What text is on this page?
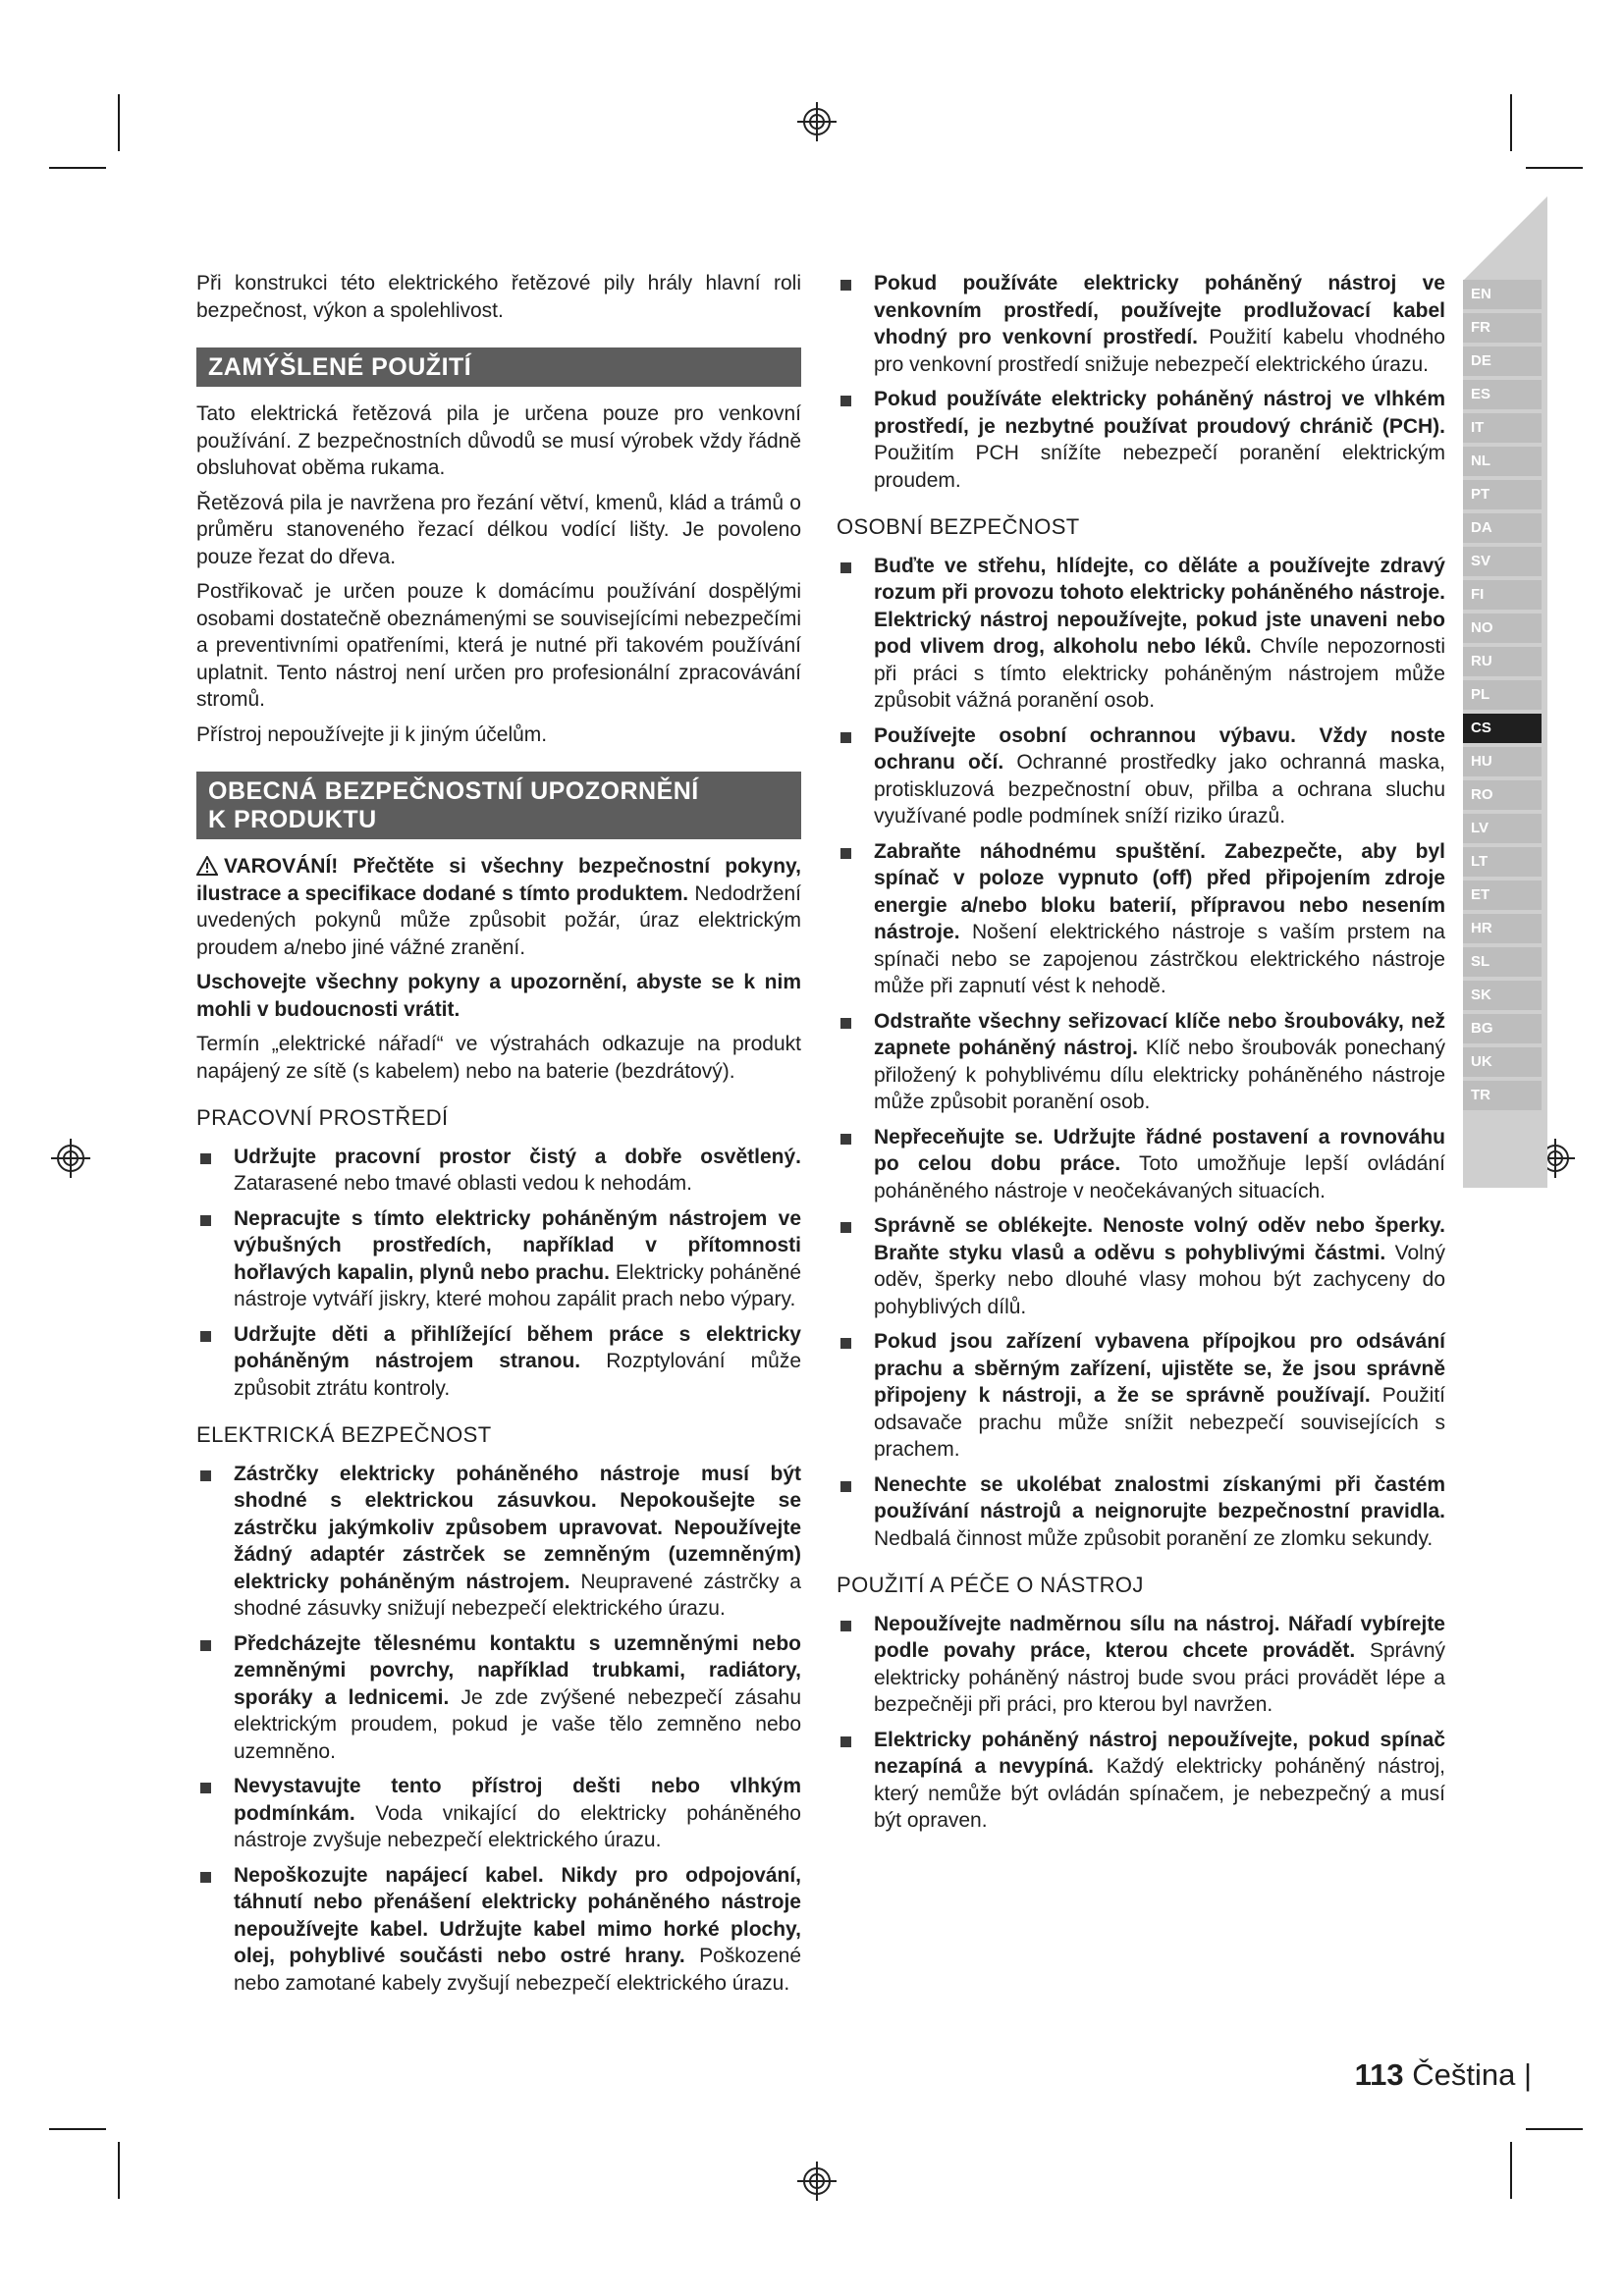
EN
FR
DE
ES
IT
NL
PT
DA
SV
FI
NO
RU
PL
CS
HU
RO
LV
LT
ET
HR
SL
SK
BG
UK
TR

Při konstrukci této elektrického řetězové pily hrály hlavní roli bezpečnost, výkon a spolehlivost.

ZAMÝŠLENÉ POUŽITÍ

Tato elektrická řetězová pila je určena pouze pro venkovní používání. Z bezpečnostních důvodů se musí výrobek vždy řádně obsluhovat oběma rukama.

Řetězová pila je navržena pro řezání větví, kmenů, klád a trámů o průměru stanoveného řezací délkou vodící lišty. Je povoleno pouze řezat do dřeva.

Postřikovač je určen pouze k domácímu používání dospělými osobami dostatečně obeznámenými se souvisejícími nebezpečími a preventivními opatřeními, která je nutné při takovém používání uplatnit. Tento nástroj není určen pro profesionální zpracovávání stromů.

Přístroj nepoužívejte ji k jiným účelům.

OBECNÁ BEZPEČNOSTNÍ UPOZORNĚNÍ
K PRODUKTU

VAROVÁNÍ! Přečtěte si všechny bezpečnostní pokyny, ilustrace a specifikace dodané s tímto produktem. Nedodržení uvedených pokynů může způsobit požár, úraz elektrickým proudem a/nebo jiné vážné zranění.

Uschovejte všechny pokyny a upozornění, abyste se k nim mohli v budoucnosti vrátit.

Termín „elektrické nářadí“ ve výstrahách odkazuje na produkt napájený ze sítě (s kabelem) nebo na baterie (bezdrátový).

PRACOVNÍ PROSTŘEDÍ
Udržujte pracovní prostor čistý a dobře osvětlený. Zatarasené nebo tmavé oblasti vedou k nehodám.
Nepracujte s tímto elektricky poháněným nástrojem ve výbušných prostředích, například v přítomnosti hořlavých kapalin, plynů nebo prachu. Elektricky poháněné nástroje vytváří jiskry, které mohou zapálit prach nebo výpary.
Udržujte děti a přihlížející během práce s elektricky poháněným nástrojem stranou. Rozptylování může způsobit ztrátu kontroly.
ELEKTRICKÁ BEZPEČNOST
Zástrčky elektricky poháněného nástroje musí být shodné s elektrickou zásuvkou. Nepokoušejte se zástrčku jakýmkoliv způsobem upravovat. Nepoužívejte žádný adaptér zástrček se zemněným (uzemněným) elektricky poháněným nástrojem. Neupravené zástrčky a shodné zásuvky snižují nebezpečí elektrického úrazu.
Předcházejte tělesnému kontaktu s uzemněnými nebo zemněnými povrchy, například trubkami, radiátory, sporáky a lednicemi. Je zde zvýšené nebezpečí zásahu elektrickým proudem, pokud je vaše tělo zemněno nebo uzemněno.
Nevystavujte tento přístroj dešti nebo vlhkým podmínkám. Voda vnikající do elektricky poháněného nástroje zvyšuje nebezpečí elektrického úrazu.
Nepoškozujte napájecí kabel. Nikdy pro odpojování, táhnutí nebo přenášení elektricky poháněného nástroje nepoužívejte kabel. Udržujte kabel mimo horké plochy, olej, pohyblivé součásti nebo ostré hrany. Poškozené nebo zamotané kabely zvyšují nebezpečí elektrického úrazu.
Pokud používáte elektricky poháněný nástroj ve venkovním prostředí, používejte prodlužovací kabel vhodný pro venkovní prostředí. Použití kabelu vhodného pro venkovní prostředí snižuje nebezpečí elektrického úrazu.
Pokud používáte elektricky poháněný nástroj ve vlhkém prostředí, je nezbytné používat proudový chránič (PCH). Použitím PCH snížíte nebezpečí poranění elektrickým proudem.
OSOBNÍ BEZPEČNOST
Buďte ve střehu, hlídejte, co děláte a používejte zdravý rozum při provozu tohoto elektricky poháněného nástroje. Elektrický nástroj nepoužívejte, pokud jste unaveni nebo pod vlivem drog, alkoholu nebo léků. Chvíle nepozornosti při práci s tímto elektricky poháněným nástrojem může způsobit vážná poranění osob.
Používejte osobní ochrannou výbavu. Vždy noste ochranu očí. Ochranné prostředky jako ochranná maska, protiskluzová bezpečnostní obuv, přilba a ochrana sluchu využívané podle podmínek sníží riziko úrazů.
Zabraňte náhodnému spuštění. Zabezpečte, aby byl spínač v poloze vypnuto (off) před připojením zdroje energie a/nebo bloku baterií, přípravou nebo nesením nástroje. Nošení elektrického nástroje s vaším prstem na spínači nebo se zapojenou zástrčkou elektrického nástroje může při zapnutí vést k nehodě.
Odstraňte všechny seřizovací klíče nebo šroubováky, než zapnete poháněný nástroj. Klíč nebo šroubovák ponechaný přiložený k pohyblivému dílu elektricky poháněného nástroje může způsobit poranění osob.
Nepřeceňujte se. Udržujte řádné postavení a rovnováhu po celou dobu práce. Toto umožňuje lepší ovládání poháněného nástroje v neočekávaných situacích.
Správně se oblékejte. Nenoste volný oděv nebo šperky. Braňte styku vlasů a oděvu s pohyblivými částmi. Volný oděv, šperky nebo dlouhé vlasy mohou být zachyceny do pohyblivých dílů.
Pokud jsou zařízení vybavena přípojkou pro odsávání prachu a sběrným zařízení, ujistěte se, že jsou správně připojeny k nástroji, a že se správně používají. Použití odsavače prachu může snížit nebezpečí souvisejících s prachem.
Nenechte se ukolébat znalostmi získanými při častém používání nástrojů a neignorujte bezpečnostní pravidla. Nedbalá činnost může způsobit poranění ze zlomku sekundy.
POUŽITÍ A PÉČE O NÁSTROJ
Nepoužívejte nadměrnou sílu na nástroj. Nářadí vybírejte podle povahy práce, kterou chcete provádět. Správný elektricky poháněný nástroj bude svou práci provádět lépe a bezpečněji při práci, pro kterou byl navržen.
Elektricky poháněný nástroj nepoužívejte, pokud spínač nezapíná a nevypíná. Každý elektricky poháněný nástroj, který nemůže být ovládán spínačem, je nebezpečný a musí být opraven.
113 Čeština |
